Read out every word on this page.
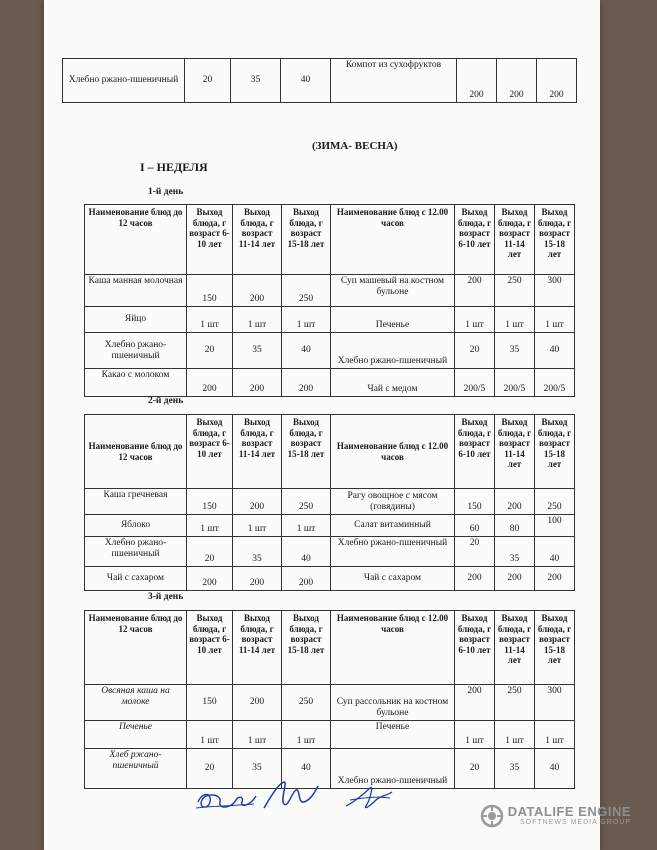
Хлебно ржано-пшеничный	20	35	40	Компот из сухофруктов	200	200	200
(ЗИМА- ВЕСНА)
I – НЕДЕЛЯ
1-й день
Наименование блюд до 12 часов	Выход блюда, г возраст 6-10 лет	Выход блюда, г возраст 11-14 лет	Выход блюда, г возраст 15-18 лет	Наименование блюд с 12.00 часов	Выход блюда, г возраст 6-10 лет	Выход блюда, г возраст 11-14 лет	Выход блюда, г возраст 15-18 лет
Каша манная молочная	150	200	250	Суп машевый на костном бульоне	200	250	300
Яйцо	1 шт	1 шт	1 шт	Печенье	1 шт	1 шт	1 шт
Хлебно ржано-пшеничный	20	35	40	Хлебно ржано-пшеничный	20	35	40
Какао с молоком	200	200	200	Чай с медом	200/5	200/5	200/5
2-й день
Наименование блюд до 12 часов	Выход блюда, г возраст 6-10 лет	Выход блюда, г возраст 11-14 лет	Выход блюда, г возраст 15-18 лет	Наименование блюд с 12.00 часов	Выход блюда, г возраст 6-10 лет	Выход блюда, г возраст 11-14 лет	Выход блюда, г возраст 15-18 лет
Каша гречневая	150	200	250	Рагу овощное с мясом (говядины)	150	200	250
Яблоко	1 шт	1 шт	1 шт	Салат витаминный	60	80	100
Хлебно ржано-пшеничный	20	35	40	Хлебно ржано-пшеничный	20	35	40
Чай с сахаром	200	200	200	Чай с сахаром	200	200	200
3-й день
Наименование блюд до 12 часов	Выход блюда, г возраст 6-10 лет	Выход блюда, г возраст 11-14 лет	Выход блюда, г возраст 15-18 лет	Наименование блюд с 12.00 часов	Выход блюда, г возраст 6-10 лет	Выход блюда, г возраст 11-14 лет	Выход блюда, г возраст 15-18 лет
Овсяная каша на молоке	150	200	250	Суп рассольник на костном бульоне	200	250	300
Печенье	1 шт	1 шт	1 шт	Печенье	1 шт	1 шт	1 шт
Хлеб ржано-пшеничный	20	35	40	Хлебно ржано-пшеничный	20	35	40
DATALIFE ENGINE
SOFTNEWS MEDIA GROUP
